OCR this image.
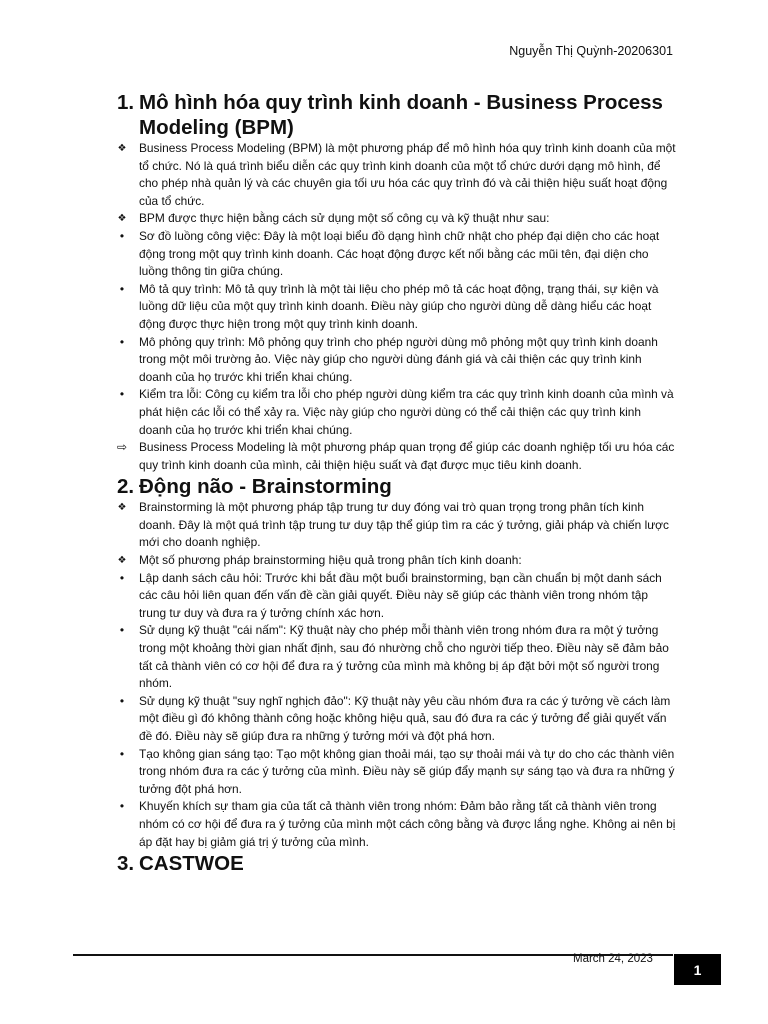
Nguyễn Thị Quỳnh-20206301
1. Mô hình hóa quy trình kinh doanh - Business Process Modeling (BPM)
❖ Business Process Modeling (BPM) là một phương pháp để mô hình hóa quy trình kinh doanh của một tổ chức. Nó là quá trình biểu diễn các quy trình kinh doanh của một tổ chức dưới dạng mô hình, để cho phép nhà quản lý và các chuyên gia tối ưu hóa các quy trình đó và cải thiện hiệu suất hoạt động của tổ chức.
❖ BPM được thực hiện bằng cách sử dụng một số công cụ và kỹ thuật như sau:
•	Sơ đồ luồng công việc: Đây là một loại biểu đồ dạng hình chữ nhật cho phép đại diện cho các hoạt động trong một quy trình kinh doanh. Các hoạt động được kết nối bằng các mũi tên, đại diện cho luồng thông tin giữa chúng.
•	Mô tả quy trình: Mô tả quy trình là một tài liệu cho phép mô tả các hoạt động, trạng thái, sự kiện và luồng dữ liệu của một quy trình kinh doanh. Điều này giúp cho người dùng dễ dàng hiểu các hoạt động được thực hiện trong một quy trình kinh doanh.
•	Mô phỏng quy trình: Mô phỏng quy trình cho phép người dùng mô phỏng một quy trình kinh doanh trong một môi trường ảo. Việc này giúp cho người dùng đánh giá và cải thiện các quy trình kinh doanh của họ trước khi triển khai chúng.
•	Kiểm tra lỗi: Công cụ kiểm tra lỗi cho phép người dùng kiểm tra các quy trình kinh doanh của mình và phát hiện các lỗi có thể xảy ra. Việc này giúp cho người dùng có thể cải thiện các quy trình kinh doanh của họ trước khi triển khai chúng.
⇨ Business Process Modeling là một phương pháp quan trọng để giúp các doanh nghiệp tối ưu hóa các quy trình kinh doanh của mình, cải thiện hiệu suất và đạt được mục tiêu kinh doanh.
2. Động não - Brainstorming
❖ Brainstorming là một phương pháp tập trung tư duy đóng vai trò quan trọng trong phân tích kinh doanh. Đây là một quá trình tập trung tư duy tập thể giúp tìm ra các ý tưởng, giải pháp và chiến lược mới cho doanh nghiệp.
❖ Một số phương pháp brainstorming hiệu quả trong phân tích kinh doanh:
•	Lập danh sách câu hỏi: Trước khi bắt đầu một buổi brainstorming, bạn cần chuẩn bị một danh sách các câu hỏi liên quan đến vấn đề cần giải quyết. Điều này sẽ giúp các thành viên trong nhóm tập trung tư duy và đưa ra ý tưởng chính xác hơn.
•	Sử dụng kỹ thuật "cái nấm": Kỹ thuật này cho phép mỗi thành viên trong nhóm đưa ra một ý tưởng trong một khoảng thời gian nhất định, sau đó nhường chỗ cho người tiếp theo. Điều này sẽ đảm bảo tất cả thành viên có cơ hội để đưa ra ý tưởng của mình mà không bị áp đặt bởi một số người trong nhóm.
•	Sử dụng kỹ thuật "suy nghĩ nghịch đảo": Kỹ thuật này yêu cầu nhóm đưa ra các ý tưởng về cách làm một điều gì đó không thành công hoặc không hiệu quả, sau đó đưa ra các ý tưởng để giải quyết vấn đề đó. Điều này sẽ giúp đưa ra những ý tưởng mới và đột phá hơn.
•	Tạo không gian sáng tạo: Tạo một không gian thoải mái, tạo sự thoải mái và tự do cho các thành viên trong nhóm đưa ra các ý tưởng của mình. Điều này sẽ giúp đẩy mạnh sự sáng tạo và đưa ra những ý tưởng đột phá hơn.
•	Khuyến khích sự tham gia của tất cả thành viên trong nhóm: Đảm bảo rằng tất cả thành viên trong nhóm có cơ hội để đưa ra ý tưởng của mình một cách công bằng và được lắng nghe. Không ai nên bị áp đặt hay bị giảm giá trị ý tưởng của mình.
3. CASTWOE
March 24, 2023
1
